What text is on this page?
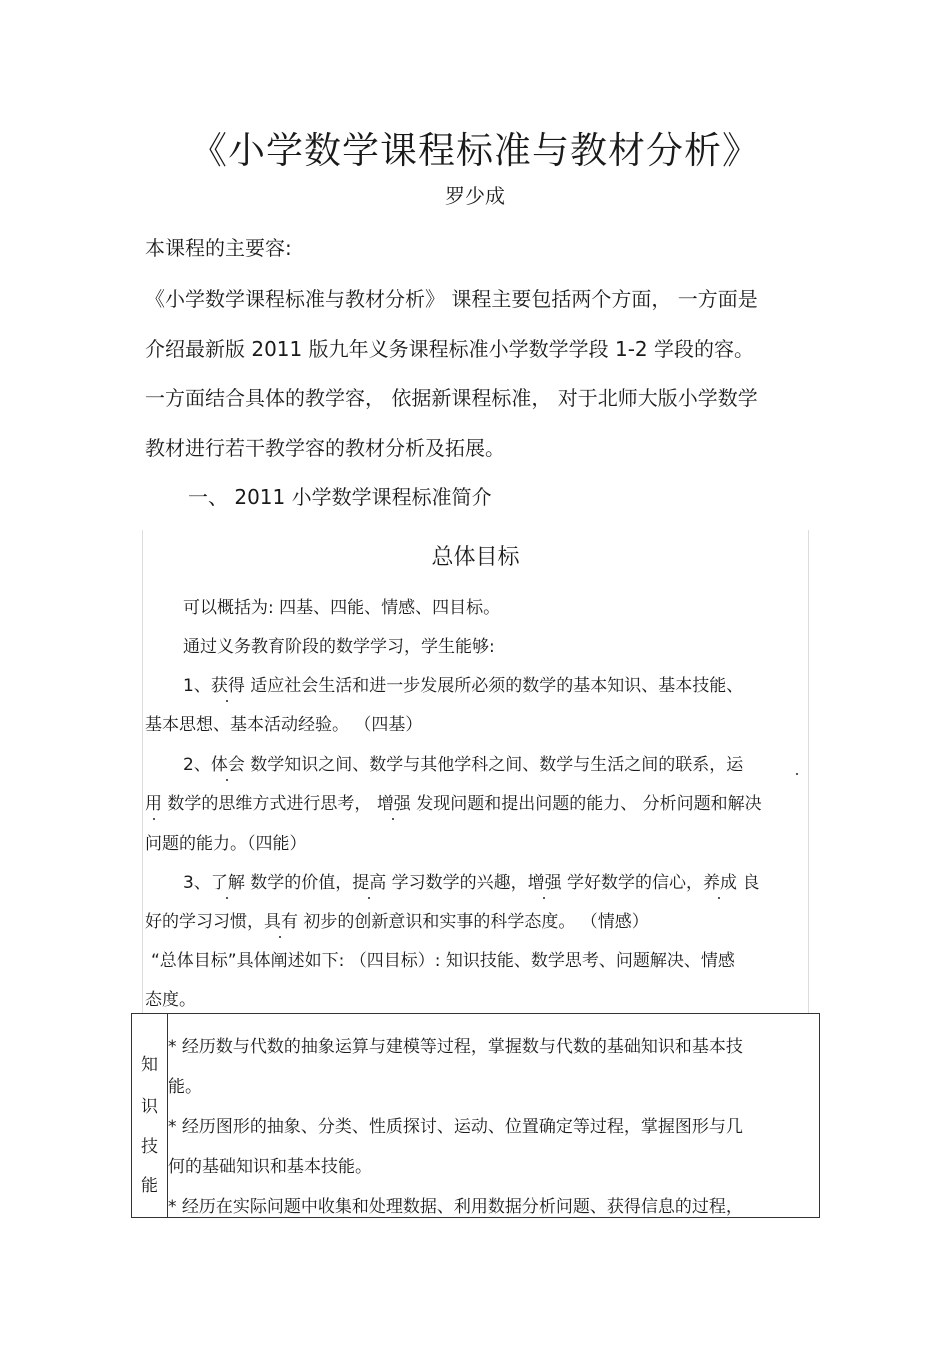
《小学数学课程标准与教材分析》
罗少成
本课程的主要容:
《小学数学课程标准与教材分析》 课程主要包括两个方面， 一方面是
介绍最新版 2011 版九年义务课程标准小学数学学段 1-2 学段的容。
一方面结合具体的教学容， 依据新课程标准， 对于北师大版小学数学
教材进行若干教学容的教材分析及拓展。
一、 2011 小学数学课程标准简介
总体目标
可以概括为: 四基、四能、情感、四目标。
通过义务教育阶段的数学学习，学生能够:
1、获得 适应社会生活和进一步发展所必须的数学的基本知识、基本技能、
基本思想、基本活动经验。 （四基）
2、体会 数学知识之间、数学与其他学科之间、数学与生活之间的联系，运
用 数学的思维方式进行思考， 增强 发现问题和提出问题的能力、 分析问题和解决
问题的能力。（四能）
3、了解 数学的价值，提高 学习数学的兴趣，增强 学好数学的信心，养成 良
好的学习习惯，具有 初步的创新意识和实事的科学态度。 （情感）
“总体目标”具体阐述如下: （四目标）: 知识技能、数学思考、问题解决、情感
态度。
知
识
技
能
* 经历数与代数的抽象运算与建模等过程，掌握数与代数的基础知识和基本技
能。
* 经历图形的抽象、分类、性质探讨、运动、位置确定等过程，掌握图形与几
何的基础知识和基本技能。
* 经历在实际问题中收集和处理数据、利用数据分析问题、获得信息的过程，
